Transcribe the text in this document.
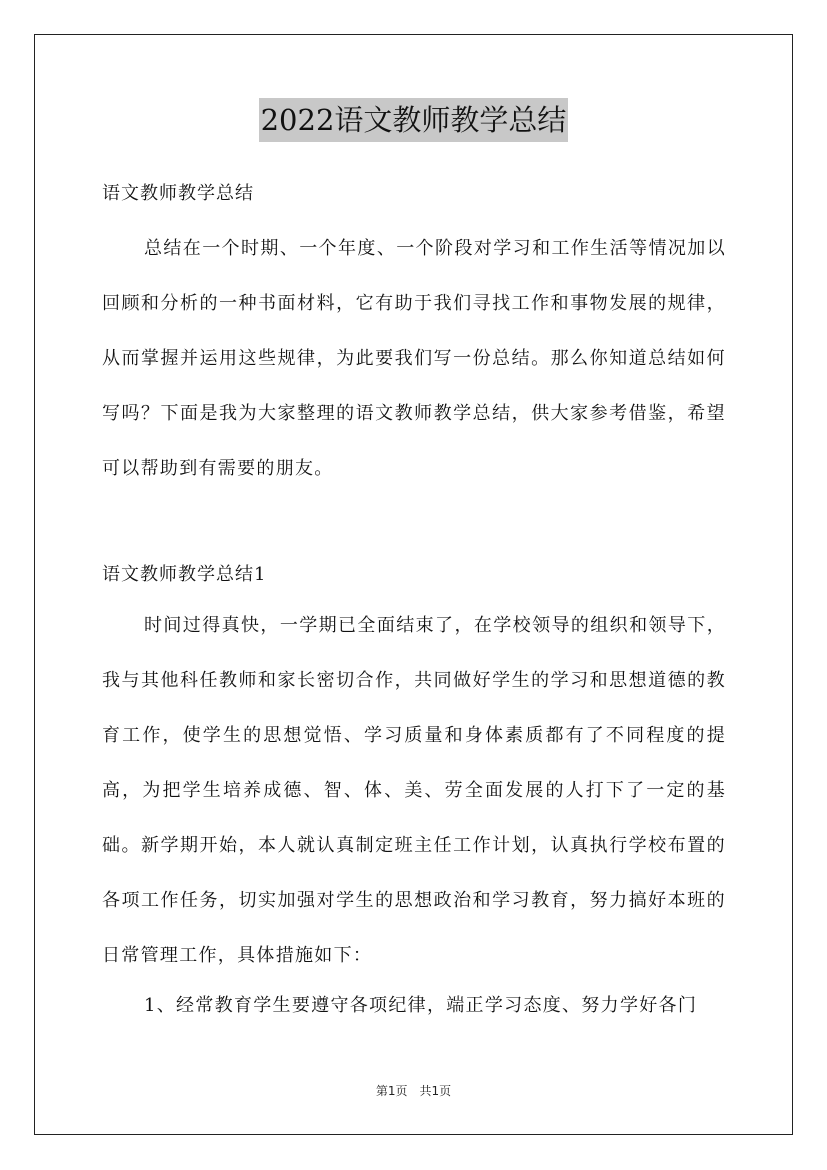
2022语文教师教学总结
语文教师教学总结

总结在一个时期、一个年度、一个阶段对学习和工作生活等情况加以回顾和分析的一种书面材料，它有助于我们寻找工作和事物发展的规律，从而掌握并运用这些规律，为此要我们写一份总结。那么你知道总结如何写吗？下面是我为大家整理的语文教师教学总结，供大家参考借鉴，希望可以帮助到有需要的朋友。

语文教师教学总结1

时间过得真快，一学期已全面结束了，在学校领导的组织和领导下，我与其他科任教师和家长密切合作，共同做好学生的学习和思想道德的教育工作，使学生的思想觉悟、学习质量和身体素质都有了不同程度的提高，为把学生培养成德、智、体、美、劳全面发展的人打下了一定的基础。新学期开始，本人就认真制定班主任工作计划，认真执行学校布置的各项工作任务，切实加强对学生的思想政治和学习教育，努力搞好本班的日常管理工作，具体措施如下：

1、经常教育学生要遵守各项纪律，端正学习态度、努力学好各门

第1页　共1页
